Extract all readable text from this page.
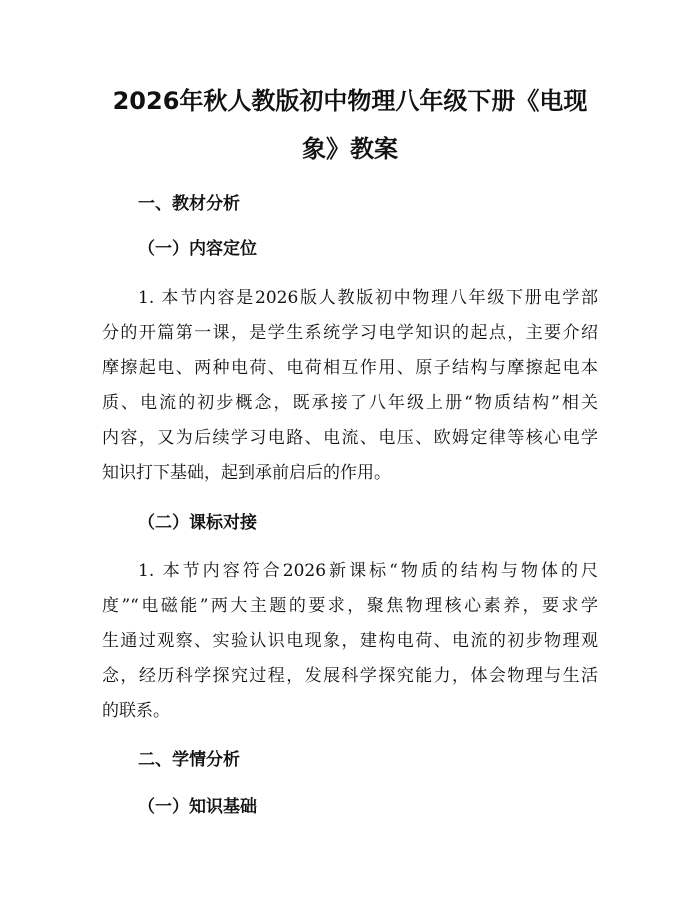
2026年秋人教版初中物理八年级下册《电现
象》教案
一、教材分析
（一）内容定位

1. 本节内容是2026版人教版初中物理八年级下册电学部

分的开篇第一课，是学生系统学习电学知识的起点，主要介绍

摩擦起电、两种电荷、电荷相互作用、原子结构与摩擦起电本

质、电流的初步概念，既承接了八年级上册“物质结构”相关

内容，又为后续学习电路、电流、电压、欧姆定律等核心电学

知识打下基础，起到承前启后的作用。

（二）课标对接

1. 本节内容符合2026新课标“物质的结构与物体的尺

度”“电磁能”两大主题的要求，聚焦物理核心素养，要求学

生通过观察、实验认识电现象，建构电荷、电流的初步物理观

念，经历科学探究过程，发展科学探究能力，体会物理与生活

的联系。

二、学情分析
（一）知识基础
